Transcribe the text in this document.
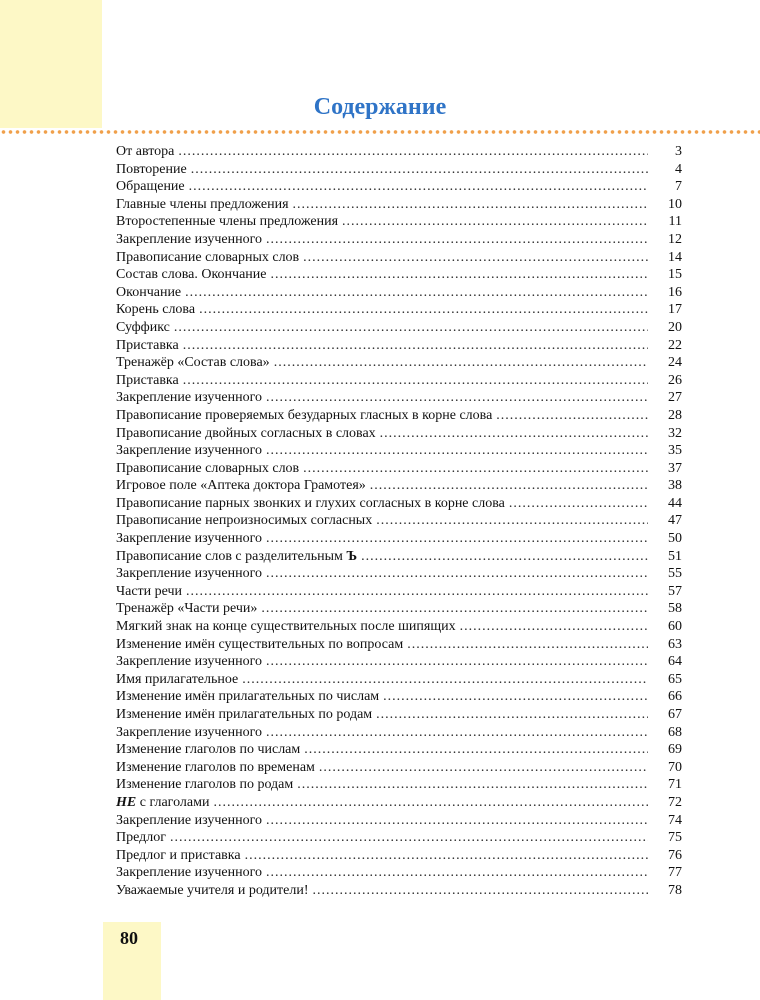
Содержание
От автора .....	3
Повторение .....	4
Обращение .....	7
Главные члены предложения .....	10
Второстепенные члены предложения .....	11
Закрепление изученного .....	12
Правописание словарных слов .....	14
Состав слова. Окончание .....	15
Окончание .....	16
Корень слова .....	17
Суффикс .....	20
Приставка .....	22
Тренажёр «Состав слова» .....	24
Приставка .....	26
Закрепление изученного .....	27
Правописание проверяемых безударных гласных в корне слова .....	28
Правописание двойных согласных в словах .....	32
Закрепление изученного .....	35
Правописание словарных слов .....	37
Игровое поле «Аптека доктора Грамотея» .....	38
Правописание парных звонких и глухих согласных в корне слова .....	44
Правописание непроизносимых согласных .....	47
Закрепление изученного .....	50
Правописание слов с разделительным Ъ .....	51
Закрепление изученного .....	55
Части речи .....	57
Тренажёр «Части речи» .....	58
Мягкий знак на конце существительных после шипящих .....	60
Изменение имён существительных по вопросам .....	63
Закрепление изученного .....	64
Имя прилагательное .....	65
Изменение имён прилагательных по числам .....	66
Изменение имён прилагательных по родам .....	67
Закрепление изученного .....	68
Изменение глаголов по числам .....	69
Изменение глаголов по временам .....	70
Изменение глаголов по родам .....	71
НЕ с глаголами .....	72
Закрепление изученного .....	74
Предлог .....	75
Предлог и приставка .....	76
Закрепление изученного .....	77
Уважаемые учителя и родители! .....	78
80
